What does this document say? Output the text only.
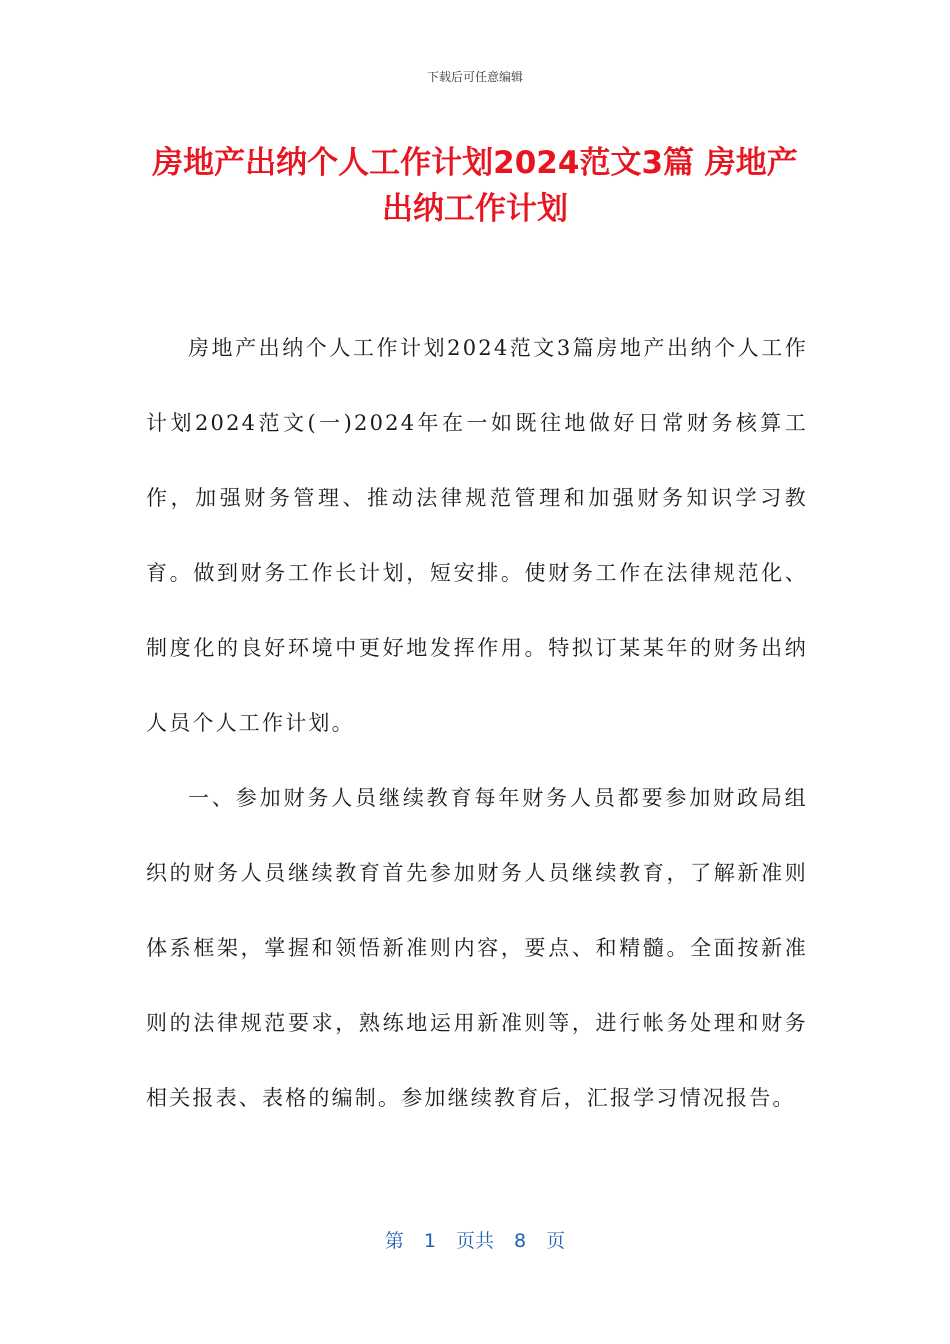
下载后可任意编辑
房地产出纳个人工作计划2024范文3篇 房地产出纳工作计划

房地产出纳个人工作计划2024范文3篇房地产出纳个人工作计划2024范文(一)2024年在一如既往地做好日常财务核算工作，加强财务管理、推动法律规范管理和加强财务知识学习教育。做到财务工作长计划，短安排。使财务工作在法律规范化、制度化的良好环境中更好地发挥作用。特拟订某某年的财务出纳人员个人工作计划。

一、参加财务人员继续教育每年财务人员都要参加财政局组织的财务人员继续教育首先参加财务人员继续教育，了解新准则体系框架，掌握和领悟新准则内容，要点、和精髓。全面按新准则的法律规范要求，熟练地运用新准则等，进行帐务处理和财务相关报表、表格的编制。参加继续教育后，汇报学习情况报告。

第 1 页共 8 页
